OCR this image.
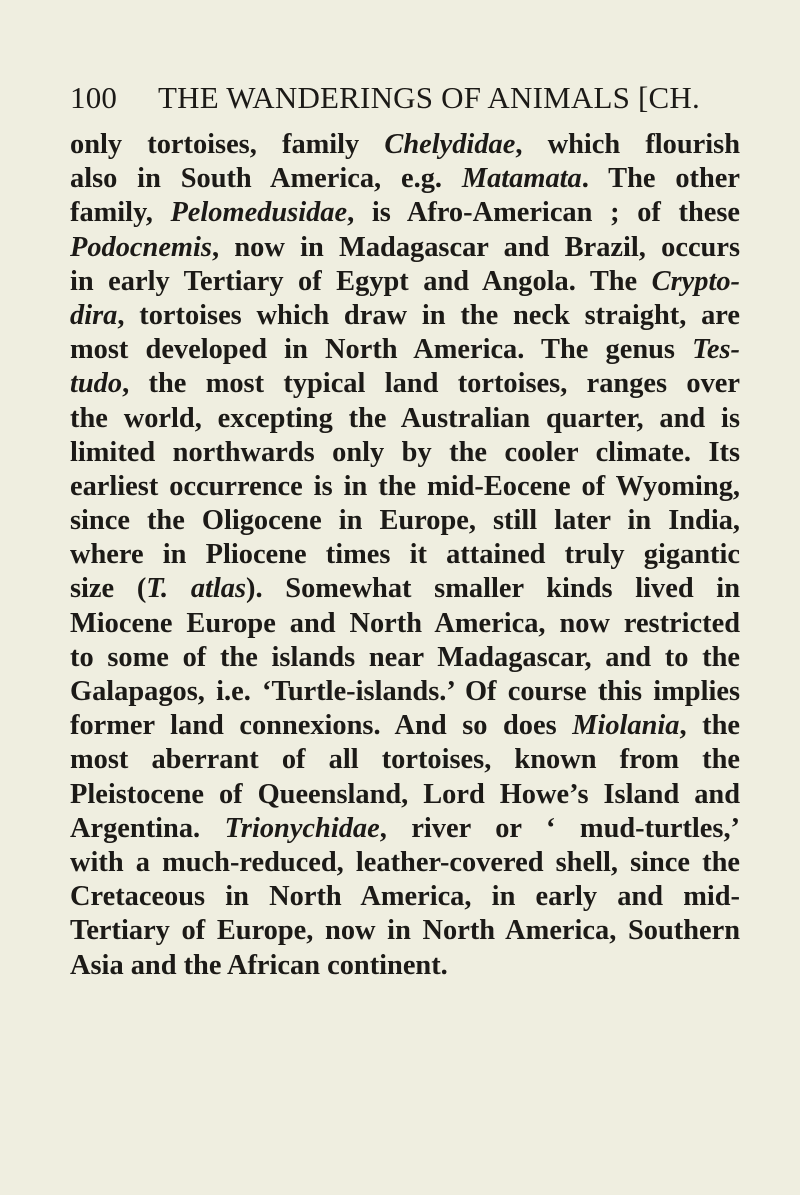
100 THE WANDERINGS OF ANIMALS [CH.
only tortoises, family Chelydidae, which flourish
also in South America, e.g. Matamata. The other
family, Pelomedusidae, is Afro-American ; of these
Podocnemis, now in Madagascar and Brazil, occurs
in early Tertiary of Egypt and Angola. The Crypto-
dira, tortoises which draw in the neck straight, are
most developed in North America. The genus Tes-
tudo, the most typical land tortoises, ranges over
the world, excepting the Australian quarter, and is
limited northwards only by the cooler climate. Its
earliest occurrence is in the mid-Eocene of Wyoming,
since the Oligocene in Europe, still later in India,
where in Pliocene times it attained truly gigantic
size (T. atlas). Somewhat smaller kinds lived in
Miocene Europe and North America, now restricted
to some of the islands near Madagascar, and to the
Galapagos, i.e. ‘Turtle-islands.’ Of course this implies
former land connexions. And so does Miolania, the
most aberrant of all tortoises, known from the
Pleistocene of Queensland, Lord Howe’s Island and
Argentina. Trionychidae, river or ‘ mud-turtles,’
with a much-reduced, leather-covered shell, since the
Cretaceous in North America, in early and mid-
Tertiary of Europe, now in North America, Southern
Asia and the African continent.
